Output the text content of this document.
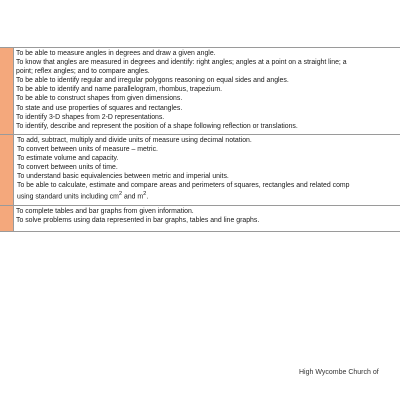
To be able to measure angles in degrees and draw a given angle.
To know that angles are measured in degrees and identify: right angles; angles at a point on a straight line; a
point; reflex angles; and to compare angles.
To be able to identify regular and irregular polygons reasoning on equal sides and angles.
To be able to identify and name parallelogram, rhombus, trapezium.
To be able to construct shapes from given dimensions.
To state and use properties of squares and rectangles.
To identify 3-D shapes from 2-D representations.
To identify, describe and represent the position of a shape following reflection or translations.
To add, subtract, multiply and divide units of measure using decimal notation.
To convert between units of measure – metric.
To estimate volume and capacity.
To convert between units of time.
To understand basic equivalencies between metric and imperial units.
To be able to calculate, estimate and compare areas and perimeters of squares, rectangles and related comp
using standard units including $cm^2$ and $m^2$.
To complete tables and bar graphs from given information.
To solve problems using data represented in bar graphs, tables and line graphs.
High Wycombe Church of
